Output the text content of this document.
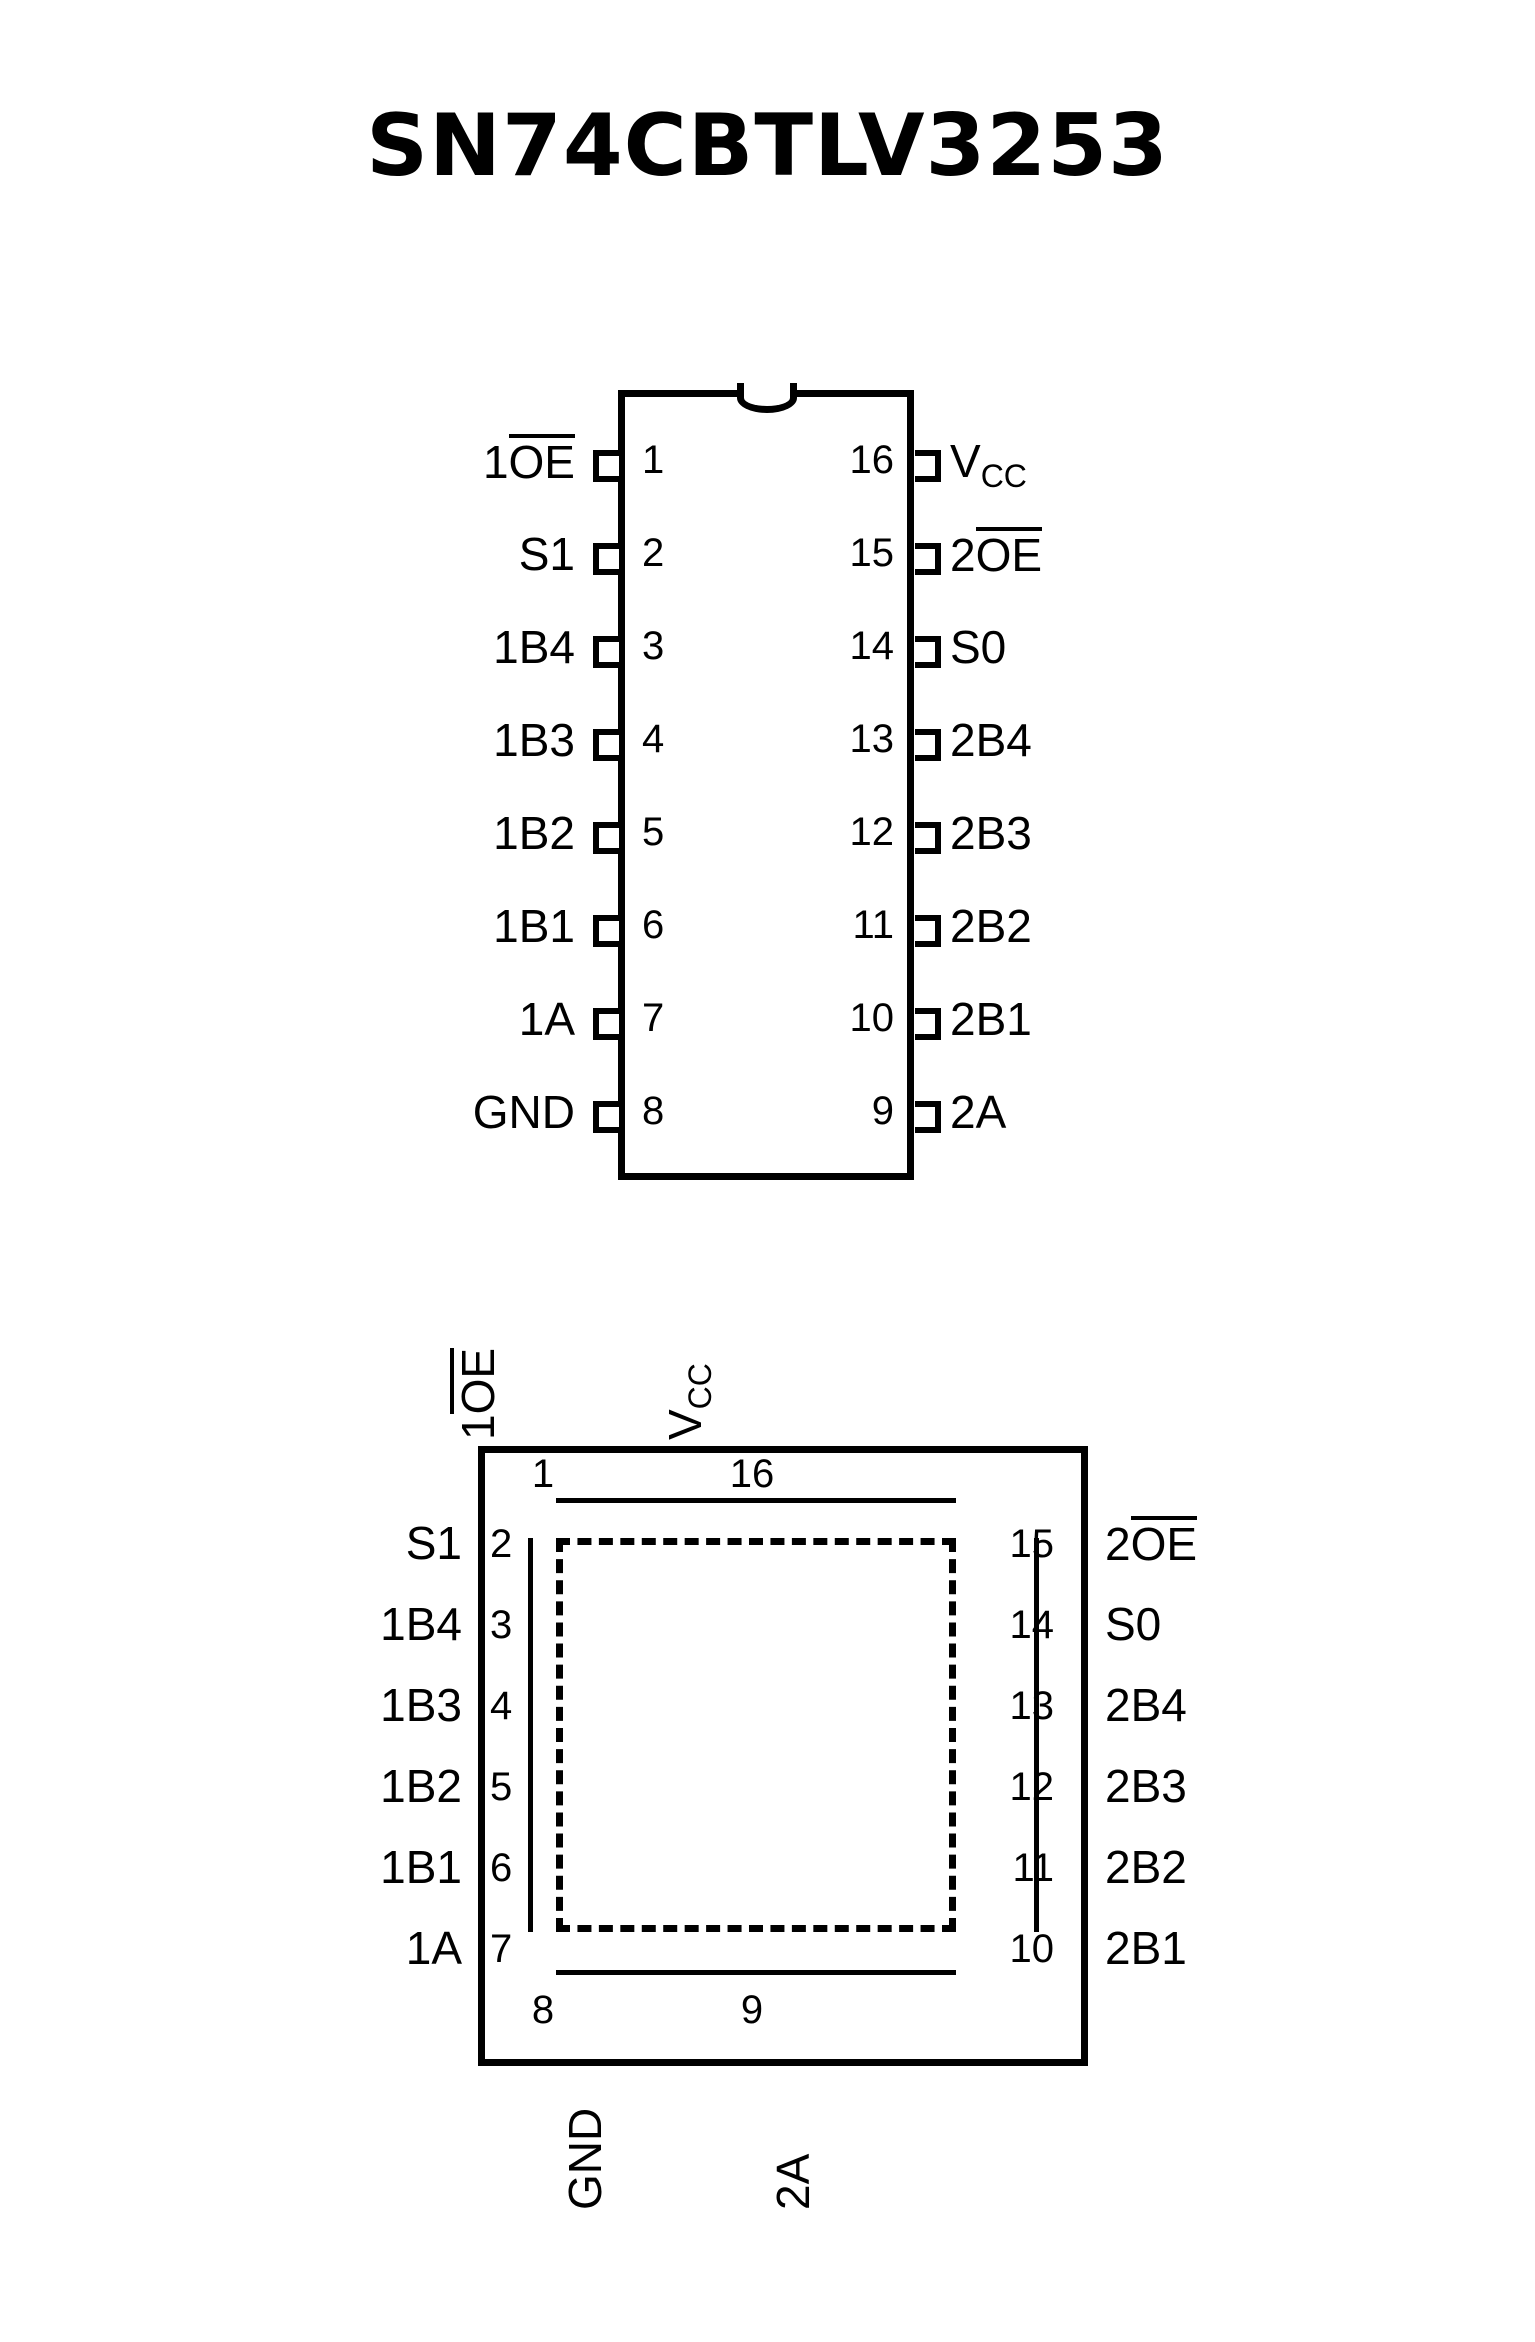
SN74CBTLV3253
1OE 1	16 $V_{CC}$
S1 2	15 2OE
1B4 3	14 S0
1B3 4	13 2B4
1B2 5	12 2B3
1B1 6	11 2B2
1A 7	10 2B1
GND 8	9 2A
1OE
$V_{CC}$
1	16
S1 2
1B4 3
1B3 4
1B2 5
1B1 6
1A 7
15 2OE
14 S0
13 2B4
12 2B3
11 2B2
10 2B1
8	9
GND	2A
